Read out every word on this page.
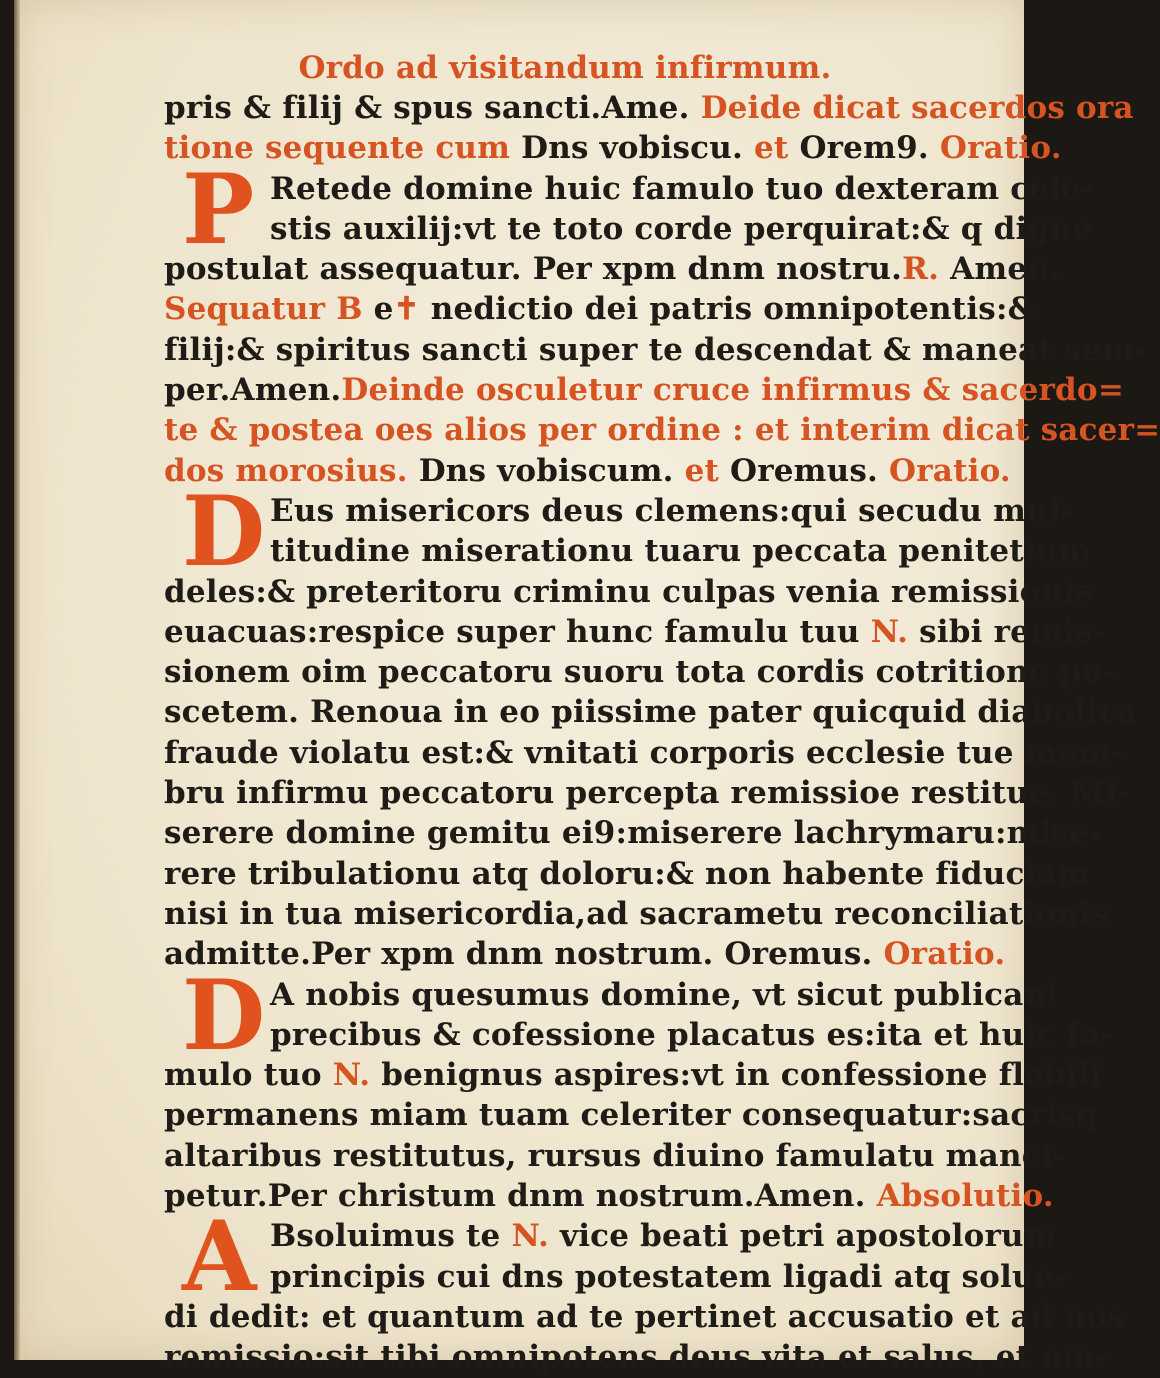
Ordo ad visitandum infirmum.
pris & filij & spus sancti.Ame. Deide dicat sacerdos ora
tione sequente cum Dns vobiscu. et Orem9. Oratio.
P Retede domine huic famulo tuo dexteram cele-
stis auxilij:vt te toto corde perquirat:& q digne
postulat assequatur. Per xpm dnm nostru.R. Amen.
Sequatur B e✝ nedictio dei patris omnipotentis:&
filij:& spiritus sancti super te descendat & maneat sem-
per.Amen.Deinde osculetur cruce infirmus & sacerdo=
te & postea oes alios per ordine : et interim dicat sacer=
dos morosius. Dns vobiscum. et Oremus. Oratio.
D Eus misericors deus clemens:qui secudu mul-
titudine miserationu tuaru peccata penitetium
deles:& preteritoru criminu culpas venia remissionis
euacuas:respice super hunc famulu tuu N. sibi remis-
sionem oim peccatoru suoru tota cordis cotritione po-
scetem. Renoua in eo piissime pater quicquid diabolica
fraude violatu est:& vnitati corporis ecclesie tue mem-
bru infirmu peccatoru percepta remissioe restitue. Mi-
serere domine gemitu ei9:miserere lachrymaru:mise-
rere tribulationu atq doloru:& non habente fiduciam
nisi in tua misericordia,ad sacrametu reconciliationis
admitte.Per xpm dnm nostrum. Oremus. Oratio.
D A nobis quesumus domine, vt sicut publicani
precibus & cofessione placatus es:ita et huic fa-
mulo tuo N. benignus aspires:vt in confessione flebili
permanens miam tuam celeriter consequatur:sacrisq
altaribus restitutus, rursus diuino famulatu manci-
petur.Per christum dnm nostrum.Amen. Absolutio.
A Bsoluimus te N. vice beati petri apostolorum
principis cui dns potestatem ligadi atq solue-
di dedit: et quantum ad te pertinet accusatio et ad nos
remissio:sit tibi omnipotens deus vita et salus, et om-
